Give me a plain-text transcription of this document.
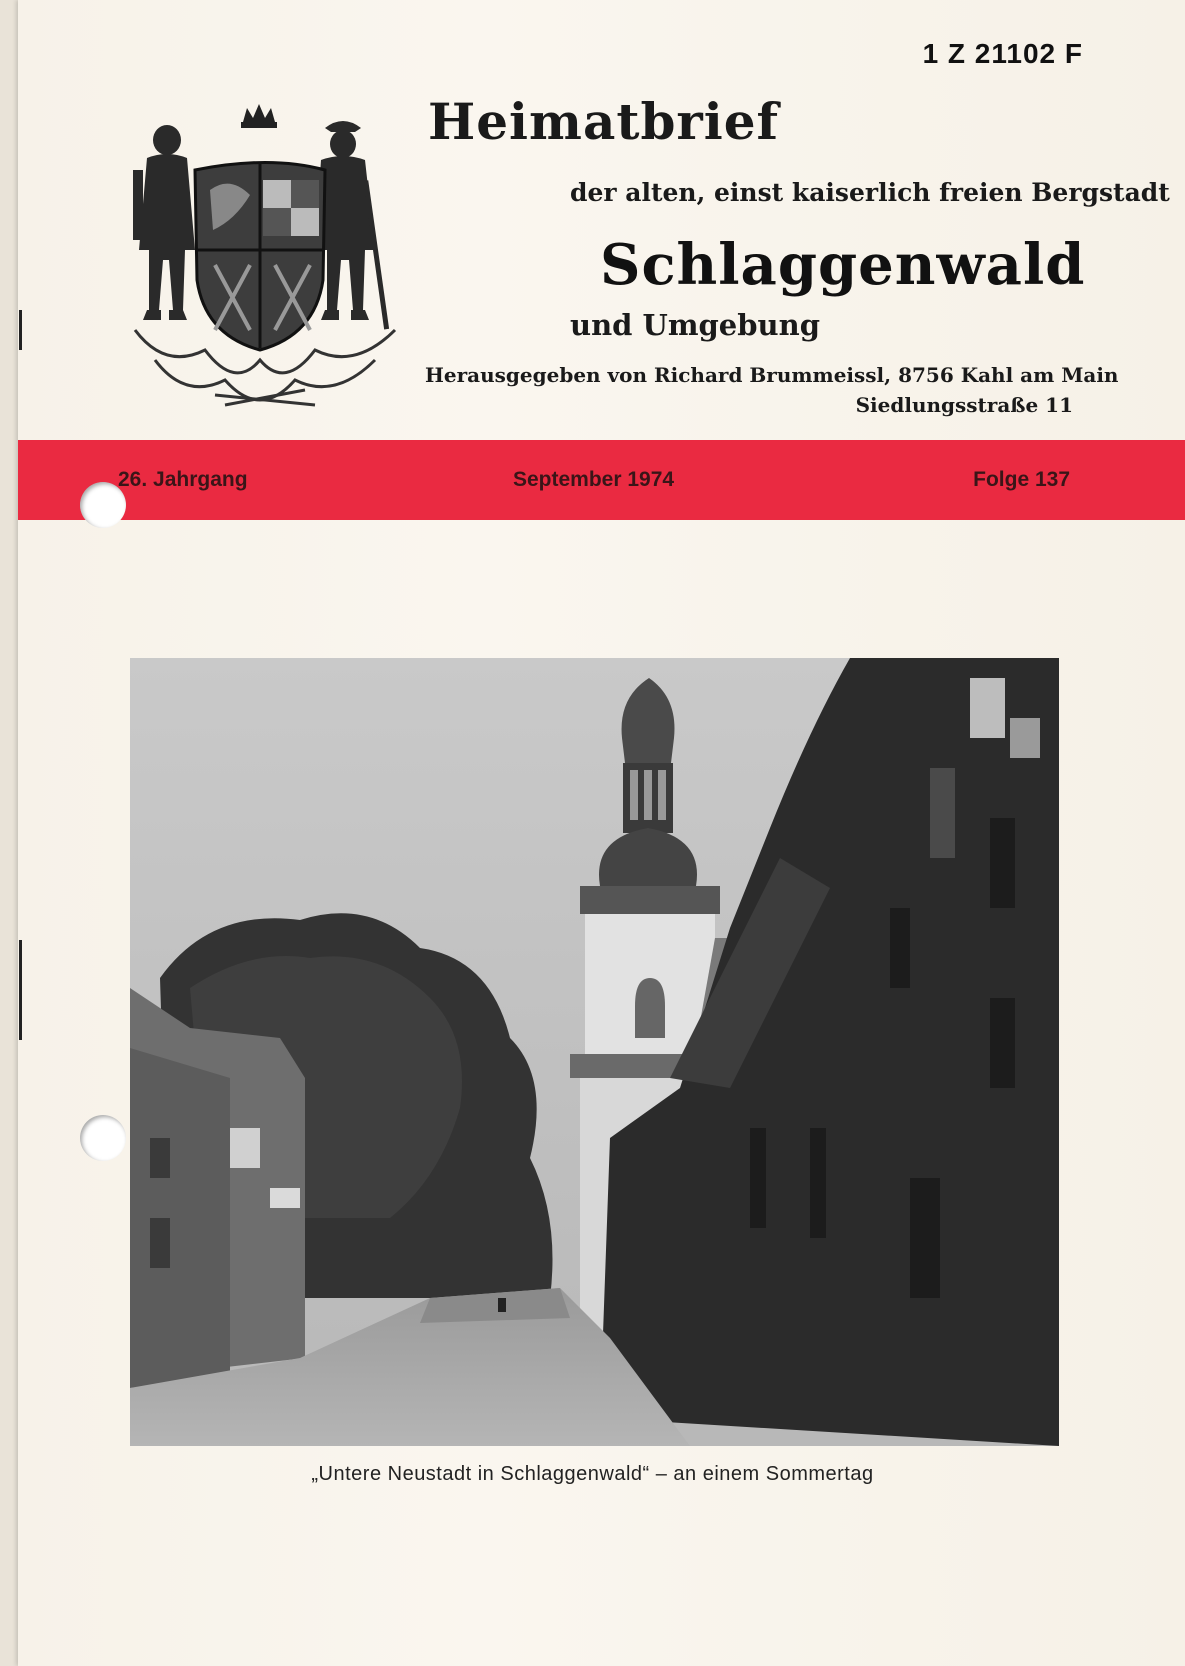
1 Z 21102 F
Heimatbrief
der alten, einst kaiserlich freien Bergstadt
Schlaggenwald
und Umgebung
Herausgegeben von Richard Brummeissl, 8756 Kahl am Main
Siedlungsstraße 11
26. Jahrgang	September 1974	Folge 137
„Untere Neustadt in Schlaggenwald“ – an einem Sommertag
